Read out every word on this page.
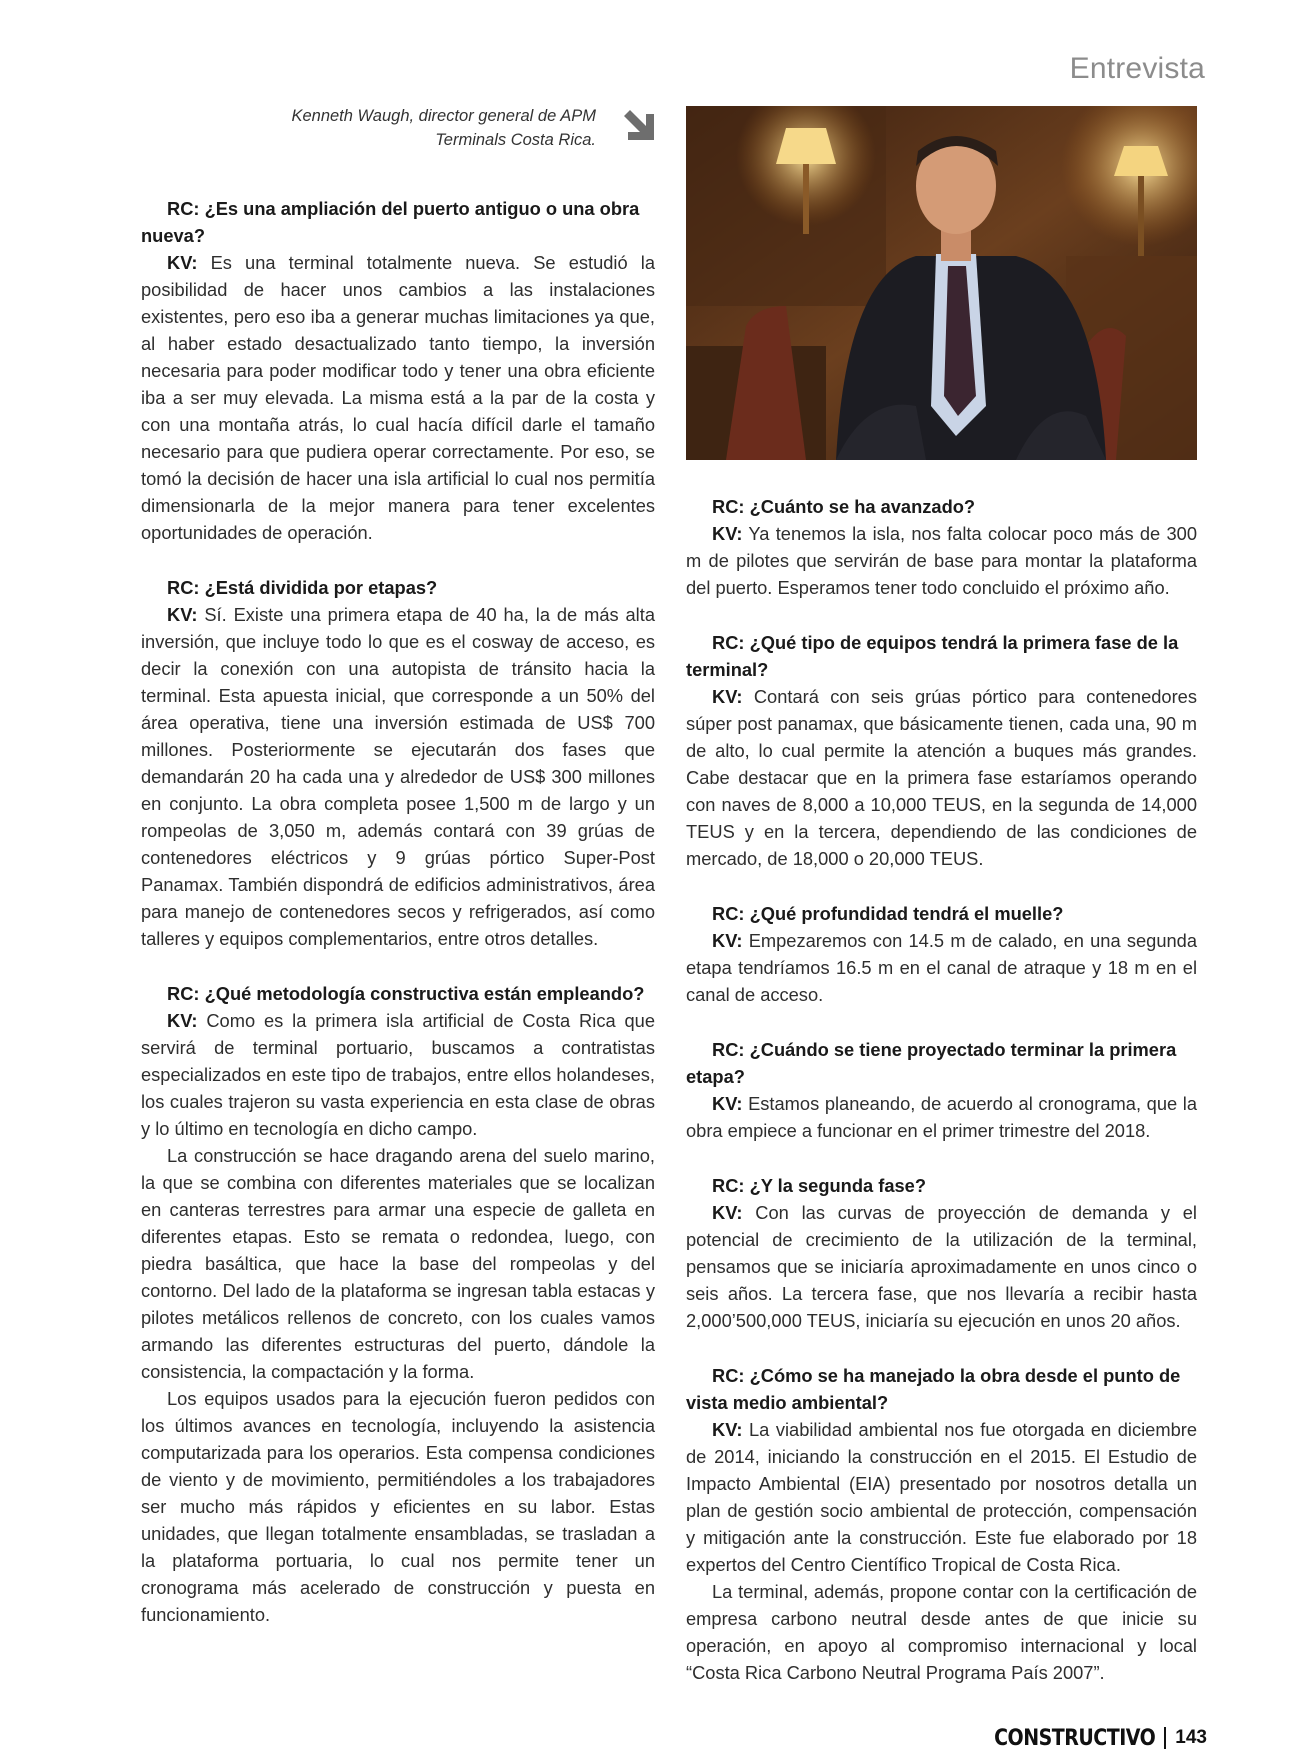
Entrevista
Kenneth Waugh, director general de APM
Terminals Costa Rica.
RC: ¿Es una ampliación del puerto antiguo o una obra nueva?
KV: Es una terminal totalmente nueva. Se estudió la posibilidad de hacer unos cambios a las instalaciones existentes, pero eso iba a generar muchas limitaciones ya que, al haber estado desactualizado tanto tiempo, la inversión necesaria para poder modificar todo y tener una obra eficiente iba a ser muy elevada. La misma está a la par de la costa y con una montaña atrás, lo cual hacía difícil darle el tamaño necesario para que pudiera operar correctamente. Por eso, se tomó la decisión de hacer una isla artificial lo cual nos permitía dimensionarla de la mejor manera para tener excelentes oportunidades de operación.
RC: ¿Está dividida por etapas?
KV: Sí. Existe una primera etapa de 40 ha, la de más alta inversión, que incluye todo lo que es el cosway de acceso, es decir la conexión con una autopista de tránsito hacia la terminal. Esta apuesta inicial, que corresponde a un 50% del área operativa, tiene una inversión estimada de US$ 700 millones. Posteriormente se ejecutarán dos fases que demandarán 20 ha cada una y alrededor de US$ 300 millones en conjunto. La obra completa posee 1,500 m de largo y un rompeolas de 3,050 m, además contará con 39 grúas de contenedores eléctricos y 9 grúas pórtico Super-Post Panamax. También dispondrá de edificios administrativos, área para manejo de contenedores secos y refrigerados, así como talleres y equipos complementarios, entre otros detalles.
RC: ¿Qué metodología constructiva están empleando?
KV: Como es la primera isla artificial de Costa Rica que servirá de terminal portuario, buscamos a contratistas especializados en este tipo de trabajos, entre ellos holandeses, los cuales trajeron su vasta experiencia en esta clase de obras y lo último en tecnología en dicho campo.
La construcción se hace dragando arena del suelo marino, la que se combina con diferentes materiales que se localizan en canteras terrestres para armar una especie de galleta en diferentes etapas. Esto se remata o redondea, luego, con piedra basáltica, que hace la base del rompeolas y del contorno. Del lado de la plataforma se ingresan tabla estacas y pilotes metálicos rellenos de concreto, con los cuales vamos armando las diferentes estructuras del puerto, dándole la consistencia, la compactación y la forma.
Los equipos usados para la ejecución fueron pedidos con los últimos avances en tecnología, incluyendo la asistencia computarizada para los operarios. Esta compensa condiciones de viento y de movimiento, permitiéndoles a los trabajadores ser mucho más rápidos y eficientes en su labor. Estas unidades, que llegan totalmente ensambladas, se trasladan a la plataforma portuaria, lo cual nos permite tener un cronograma más acelerado de construcción y puesta en funcionamiento.
RC: ¿Cuánto se ha avanzado?
KV: Ya tenemos la isla, nos falta colocar poco más de 300 m de pilotes que servirán de base para montar la plataforma del puerto. Esperamos tener todo concluido el próximo año.
RC: ¿Qué tipo de equipos tendrá la primera fase de la terminal?
KV: Contará con seis grúas pórtico para contenedores súper post panamax, que básicamente tienen, cada una, 90 m de alto, lo cual permite la atención a buques más grandes. Cabe destacar que en la primera fase estaríamos operando con naves de 8,000 a 10,000 TEUS, en la segunda de 14,000 TEUS y en la tercera, dependiendo de las condiciones de mercado, de 18,000 o 20,000 TEUS.
RC: ¿Qué profundidad tendrá el muelle?
KV: Empezaremos con 14.5 m de calado, en una segunda etapa tendríamos 16.5 m en el canal de atraque y 18 m en el canal de acceso.
RC: ¿Cuándo se tiene proyectado terminar la primera etapa?
KV: Estamos planeando, de acuerdo al cronograma, que la obra empiece a funcionar en el primer trimestre del 2018.
RC: ¿Y la segunda fase?
KV: Con las curvas de proyección de demanda y el potencial de crecimiento de la utilización de la terminal, pensamos que se iniciaría aproximadamente en unos cinco o seis años. La tercera fase, que nos llevaría a recibir hasta 2,000’500,000 TEUS, iniciaría su ejecución en unos 20 años.
RC: ¿Cómo se ha manejado la obra desde el punto de vista medio ambiental?
KV: La viabilidad ambiental nos fue otorgada en diciembre de 2014, iniciando la construcción en el 2015. El Estudio de Impacto Ambiental (EIA) presentado por nosotros detalla un plan de gestión socio ambiental de protección, compensación y mitigación ante la construcción. Este fue elaborado por 18 expertos del Centro Científico Tropical de Costa Rica.
La terminal, además, propone contar con la certificación de empresa carbono neutral desde antes de que inicie su operación, en apoyo al compromiso internacional y local “Costa Rica Carbono Neutral Programa País 2007”.
CONSTRUCTIVO 143
